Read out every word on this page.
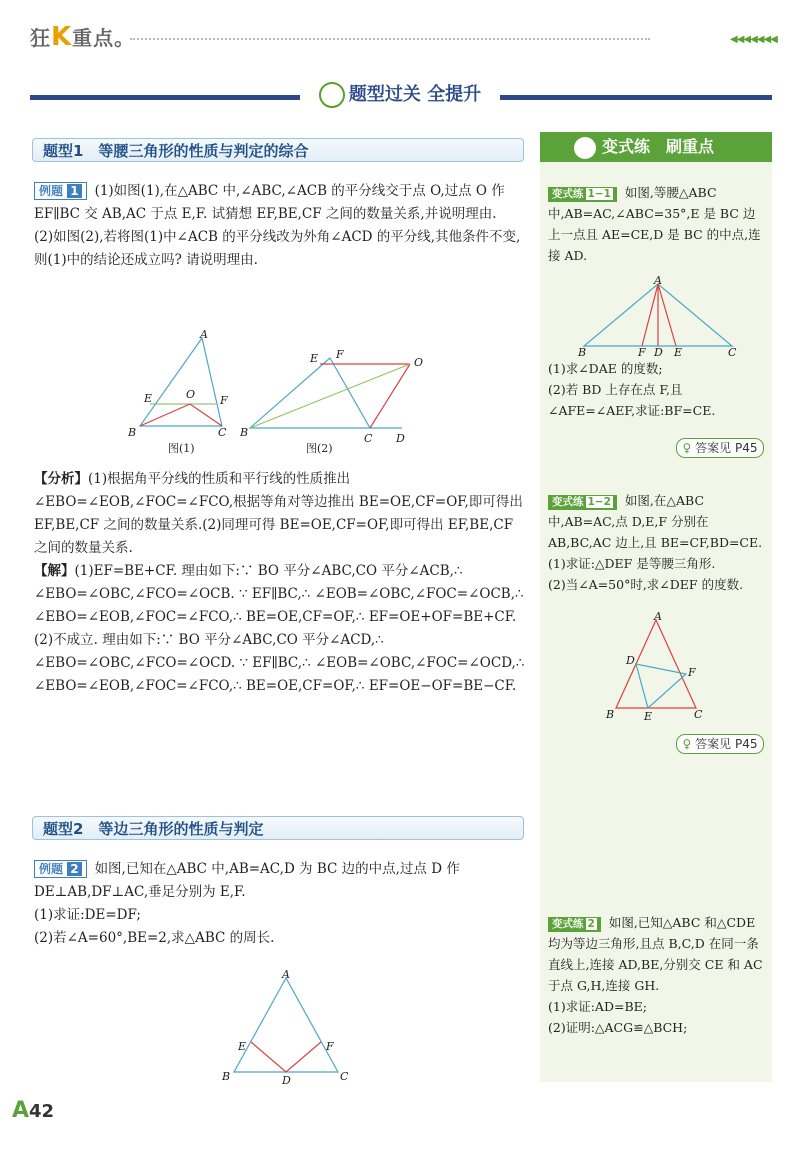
狂K重点。	◀◀◀◀◀◀◀
题型过关 全提升
题型1　等腰三角形的性质与判定的综合

例题 1 (1)如图(1),在△ABC 中,∠ABC,∠ACB 的平分线交于点 O,过点 O 作 EF∥BC 交 AB,AC 于点 E,F. 试猜想 EF,BE,CF 之间的数量关系,并说明理由.

(2)如图(2),若将图(1)中∠ACB 的平分线改为外角∠ACD 的平分线,其他条件不变,则(1)中的结论还成立吗? 请说明理由.

A
B	C
E	O F
图(1)
E F
O
B	C D
图(2)

【分析】(1)根据角平分线的性质和平行线的性质推出∠EBO=∠EOB,∠FOC=∠FCO,根据等角对等边推出 BE=OE,CF=OF,即可得出 EF,BE,CF 之间的数量关系.(2)同理可得 BE=OE,CF=OF,即可得出 EF,BE,CF 之间的数量关系.

【解】(1)EF=BE+CF. 理由如下:∵ BO 平分∠ABC,CO 平分∠ACB,∴ ∠EBO=∠OBC,∠FCO=∠OCB. ∵ EF∥BC,∴ ∠EOB=∠OBC,∠FOC=∠OCB,∴ ∠EBO=∠EOB,∠FOC=∠FCO,∴ BE=OE,CF=OF,∴ EF=OE+OF=BE+CF.

(2)不成立. 理由如下:∵ BO 平分∠ABC,CO 平分∠ACD,∴ ∠EBO=∠OBC,∠FCO=∠OCD. ∵ EF∥BC,∴ ∠EOB=∠OBC,∠FOC=∠OCD,∴ ∠EBO=∠EOB,∠FOC=∠FCO,∴ BE=OE,CF=OF,∴ EF=OE−OF=BE−CF.

题型2　等边三角形的性质与判定

例题 2 如图,已知在△ABC 中,AB=AC,D 为 BC 边的中点,过点 D 作 DE⊥AB,DF⊥AC,垂足分别为 E,F.

(1)求证:DE=DF;

(2)若∠A=60°,BE=2,求△ABC 的周长.

A
B	C
E	F
D
变式练　刷重点

变式练 1−1 如图,等腰△ABC 中,AB=AC,∠ABC=35°,E 是 BC 边上一点且 AE=CE,D 是 BC 的中点,连接 AD.

A
B	F D E	C

(1)求∠DAE 的度数;

(2)若 BD 上存在点 F,且∠AFE=∠AEF,求证:BF=CE.

♀ 答案见 P45

变式练 1−2 如图,在△ABC 中,AB=AC,点 D,E,F 分别在 AB,BC,AC 边上,且 BE=CF,BD=CE.

(1)求证:△DEF 是等腰三角形.

(2)当∠A=50°时,求∠DEF 的度数.

A
B	E	C
D
F
♀ 答案见 P45

变式练 2 如图,已知△ABC 和△CDE 均为等边三角形,且点 B,C,D 在同一条直线上,连接 AD,BE,分别交 CE 和 AC 于点 G,H,连接 GH.

(1)求证:AD=BE;

(2)证明:△ACG≌△BCH;

A42
